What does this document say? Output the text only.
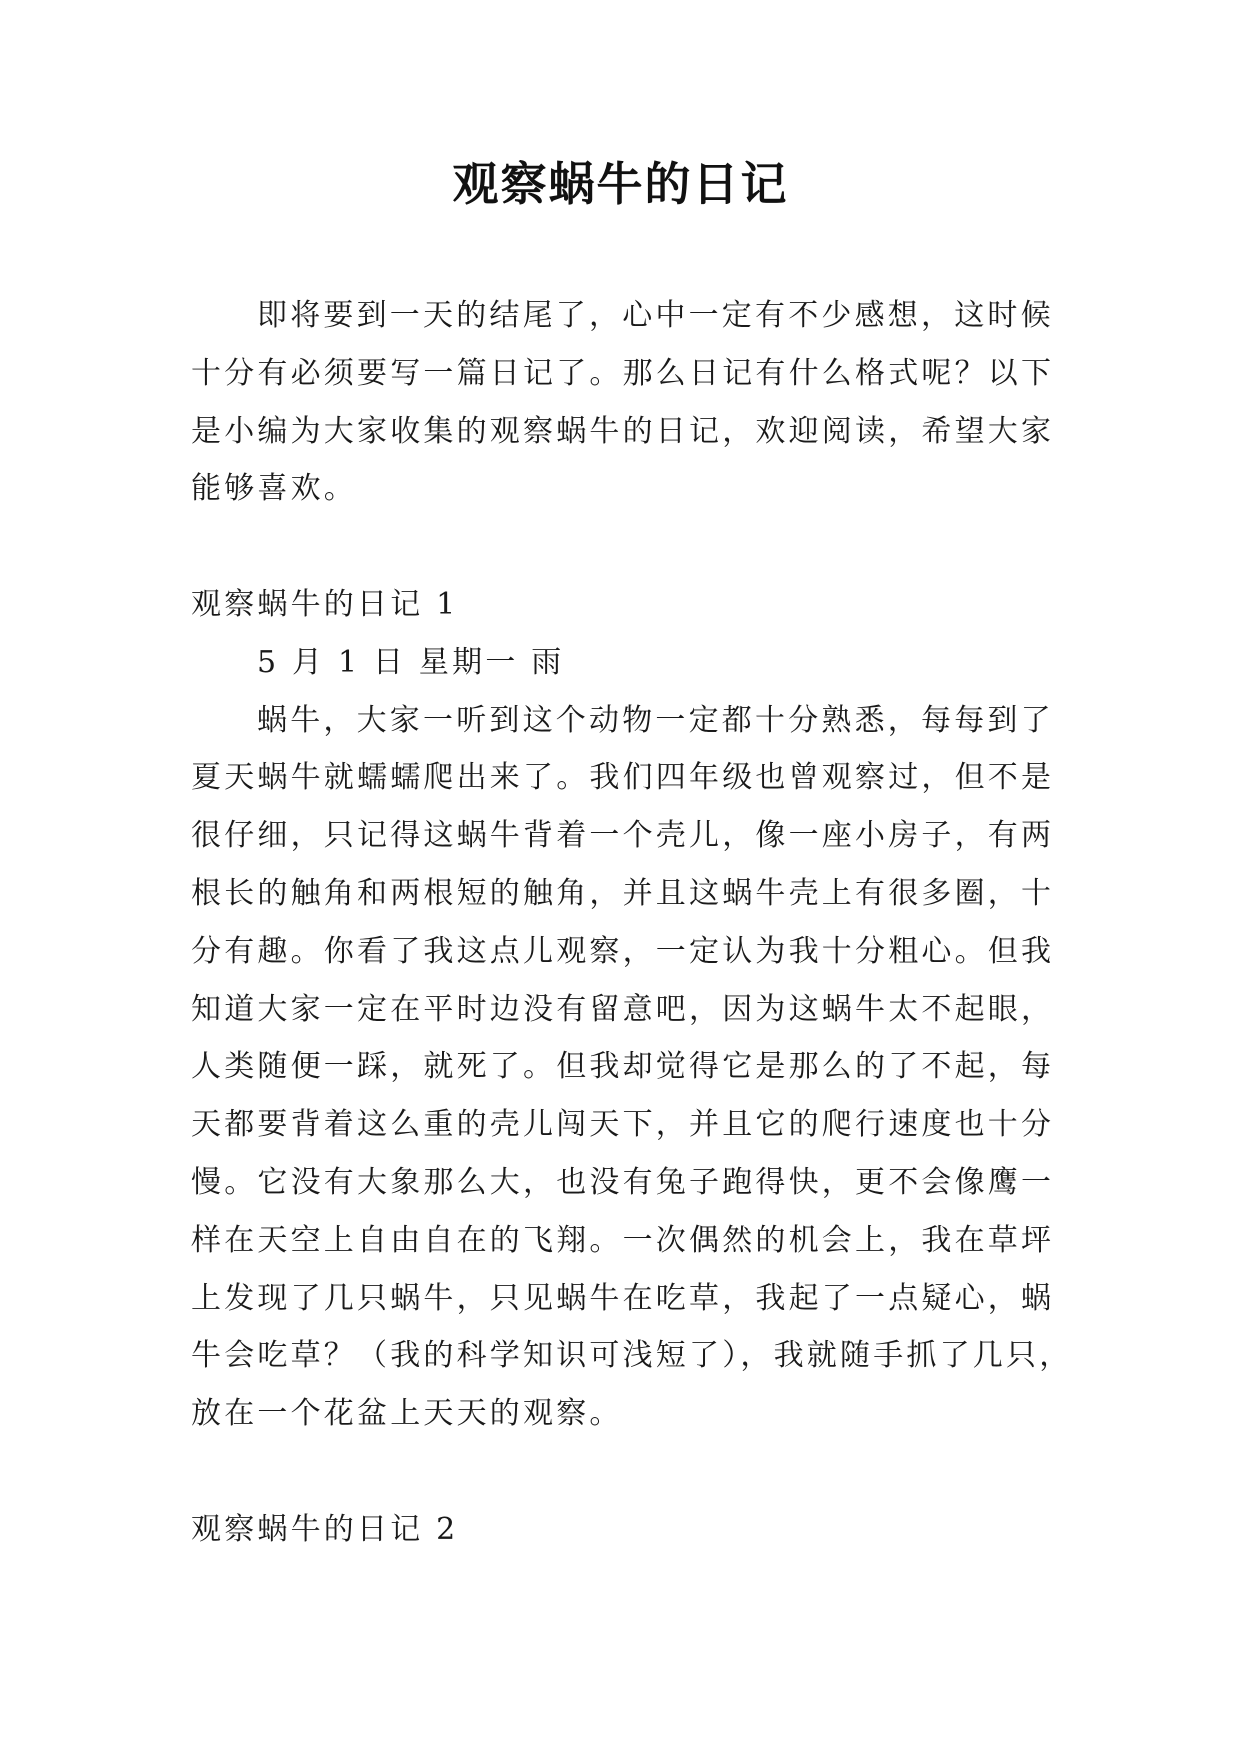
观察蜗牛的日记

即将要到一天的结尾了，心中一定有不少感想，这时候

十分有必须要写一篇日记了。那么日记有什么格式呢？以下

是小编为大家收集的观察蜗牛的日记，欢迎阅读，希望大家

能够喜欢。

观察蜗牛的日记 1

5 月 1 日 星期一 雨

蜗牛，大家一听到这个动物一定都十分熟悉，每每到了

夏天蜗牛就蠕蠕爬出来了。我们四年级也曾观察过，但不是

很仔细，只记得这蜗牛背着一个壳儿，像一座小房子，有两

根长的触角和两根短的触角，并且这蜗牛壳上有很多圈，十

分有趣。你看了我这点儿观察，一定认为我十分粗心。但我

知道大家一定在平时边没有留意吧，因为这蜗牛太不起眼，

人类随便一踩，就死了。但我却觉得它是那么的了不起，每

天都要背着这么重的壳儿闯天下，并且它的爬行速度也十分

慢。它没有大象那么大，也没有兔子跑得快，更不会像鹰一

样在天空上自由自在的飞翔。一次偶然的机会上，我在草坪

上发现了几只蜗牛，只见蜗牛在吃草，我起了一点疑心，蜗

牛会吃草？（我的科学知识可浅短了），我就随手抓了几只，

放在一个花盆上天天的观察。

观察蜗牛的日记 2
